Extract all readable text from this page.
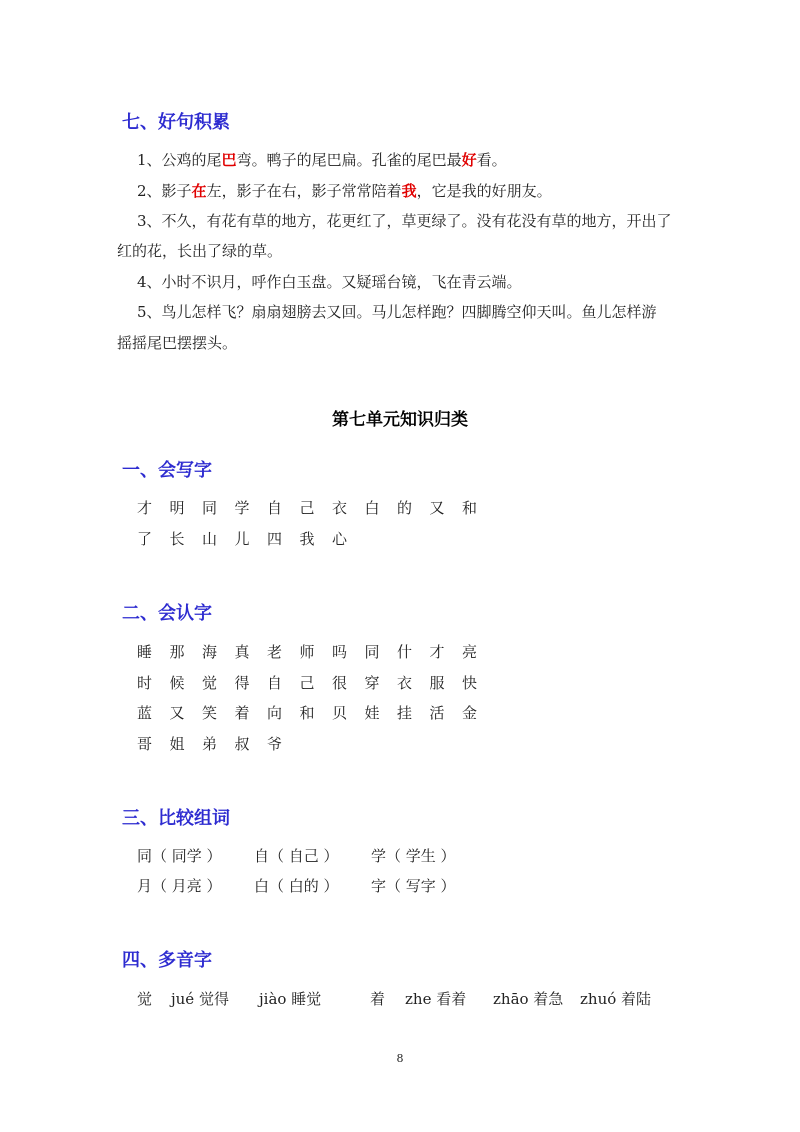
七、好句积累
1、公鸡的尾巴弯。鸭子的尾巴扁。孔雀的尾巴最好看。
2、影子在左，影子在右，影子常常陪着我，它是我的好朋友。
3、不久，有花有草的地方，花更红了，草更绿了。没有花没有草的地方，开出了
红的花，长出了绿的草。
4、小时不识月，呼作白玉盘。又疑瑶台镜，飞在青云端。
5、鸟儿怎样飞？扇扇翅膀去又回。马儿怎样跑？四脚腾空仰天叫。鱼儿怎样游
摇摇尾巴摆摆头。
第七单元知识归类
一、会写字
才 明 同 学 自 己 衣 白 的 又 和
了 长 山 儿 四 我 心
二、会认字
睡 那 海 真 老 师 吗 同 什 才 亮
时 候 觉 得 自 己 很 穿 衣 服 快
蓝 又 笑 着 向 和 贝 娃 挂 活 金
哥 姐 弟 叔 爷
三、比较组词
同（ 同学 ） 自（ 自己 ） 学（ 学生 ）
月（ 月亮 ） 白（ 白的 ） 字（ 写字 ）
四、多音字
觉 jué 觉得 jiào 睡觉	着 zhe 看着 zhāo 着急 zhuó 着陆
8
